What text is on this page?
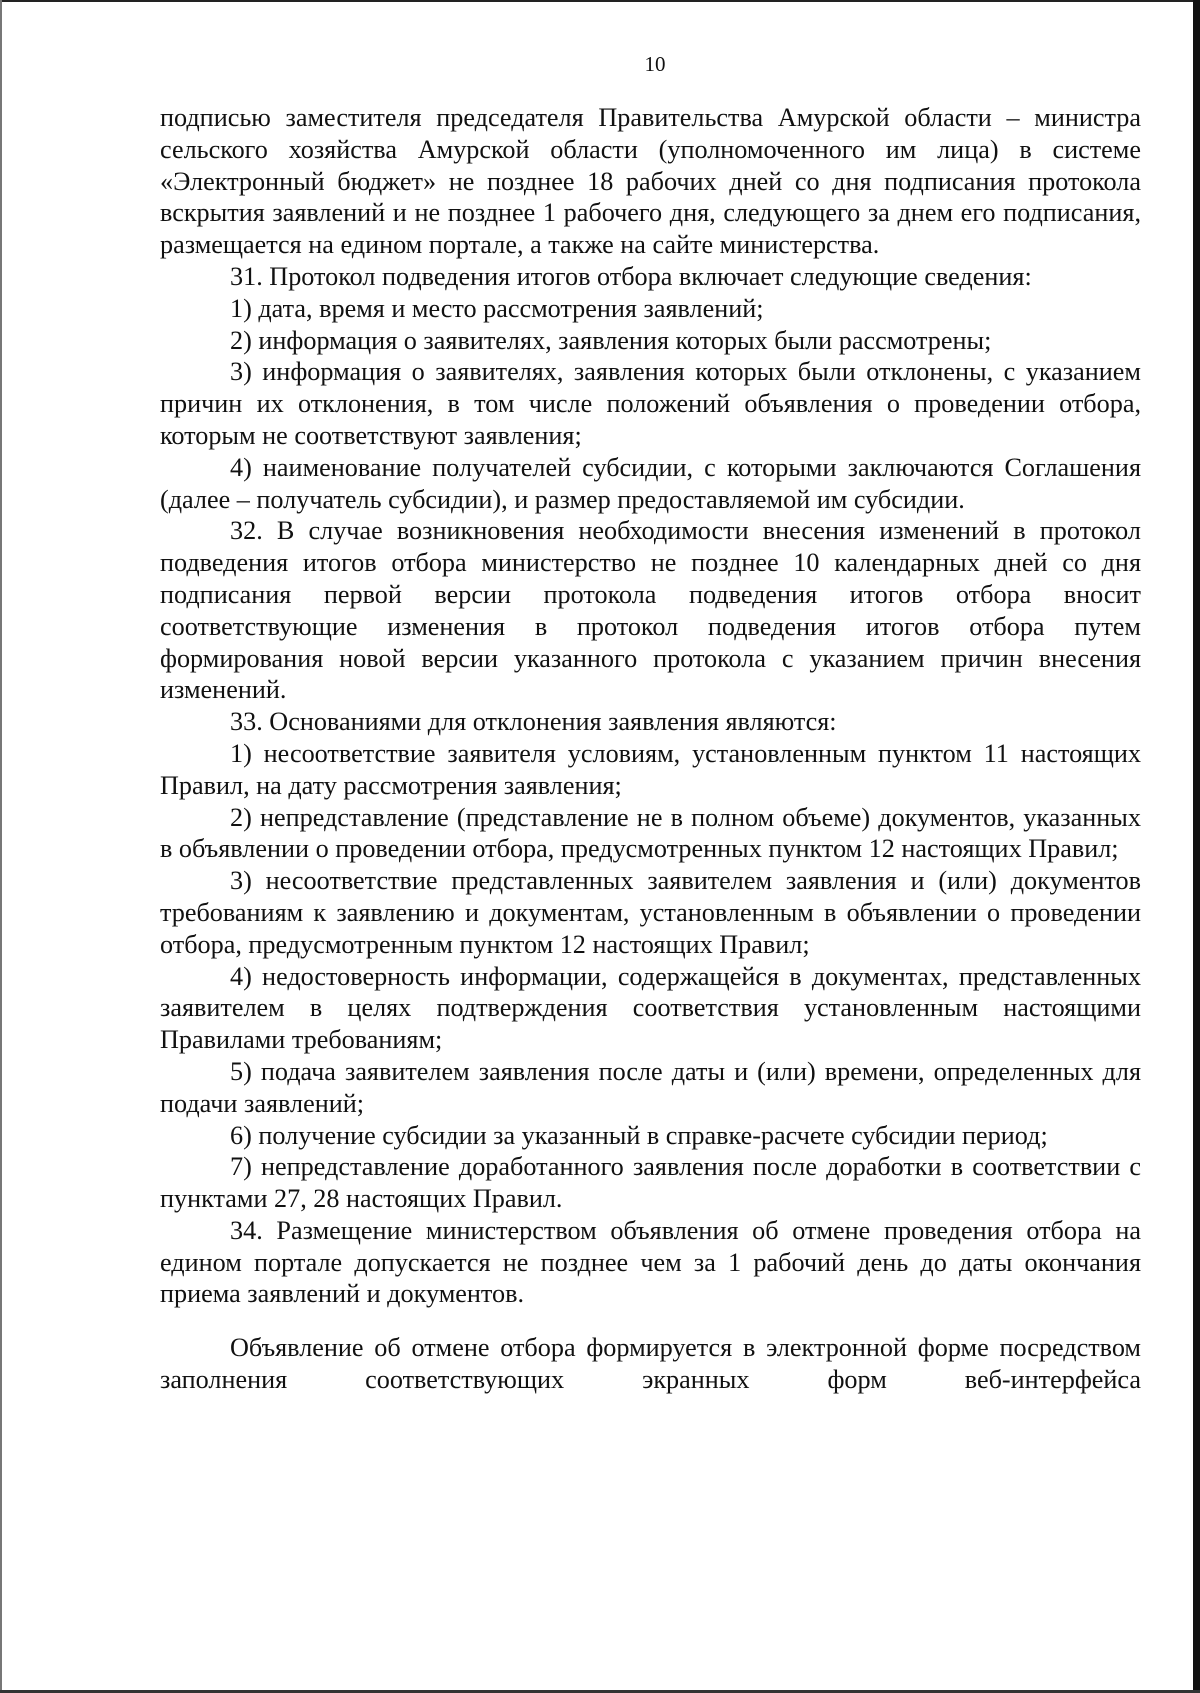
10

подписью заместителя председателя Правительства Амурской области – министра сельского хозяйства Амурской области (уполномоченного им лица) в системе «Электронный бюджет» не позднее 18 рабочих дней со дня подписания протокола вскрытия заявлений и не позднее 1 рабочего дня, следующего за днем его подписания, размещается на едином портале, а также на сайте министерства.

31. Протокол подведения итогов отбора включает следующие сведения:

1) дата, время и место рассмотрения заявлений;

2) информация о заявителях, заявления которых были рассмотрены;

3) информация о заявителях, заявления которых были отклонены, с указанием причин их отклонения, в том числе положений объявления о проведении отбора, которым не соответствуют заявления;

4) наименование получателей субсидии, с которыми заключаются Соглашения (далее – получатель субсидии), и размер предоставляемой им субсидии.

32. В случае возникновения необходимости внесения изменений в протокол подведения итогов отбора министерство не позднее 10 календарных дней со дня подписания первой версии протокола подведения итогов отбора вносит соответствующие изменения в протокол подведения итогов отбора путем формирования новой версии указанного протокола с указанием причин внесения изменений.

33. Основаниями для отклонения заявления являются:

1) несоответствие заявителя условиям, установленным пунктом 11 настоящих Правил, на дату рассмотрения заявления;

2) непредставление (представление не в полном объеме) документов, указанных в объявлении о проведении отбора, предусмотренных пунктом 12 настоящих Правил;

3) несоответствие представленных заявителем заявления и (или) документов требованиям к заявлению и документам, установленным в объявлении о проведении отбора, предусмотренным пунктом 12 настоящих Правил;

4) недостоверность информации, содержащейся в документах, представленных заявителем в целях подтверждения соответствия установленным настоящими Правилами требованиям;

5) подача заявителем заявления после даты и (или) времени, определенных для подачи заявлений;

6) получение субсидии за указанный в справке-расчете субсидии период;

7) непредставление доработанного заявления после доработки в соответствии с пунктами 27, 28 настоящих Правил.

34. Размещение министерством объявления об отмене проведения отбора на едином портале допускается не позднее чем за 1 рабочий день до даты окончания приема заявлений и документов.

Объявление об отмене отбора формируется в электронной форме посредством заполнения соответствующих экранных форм веб-интерфейса
